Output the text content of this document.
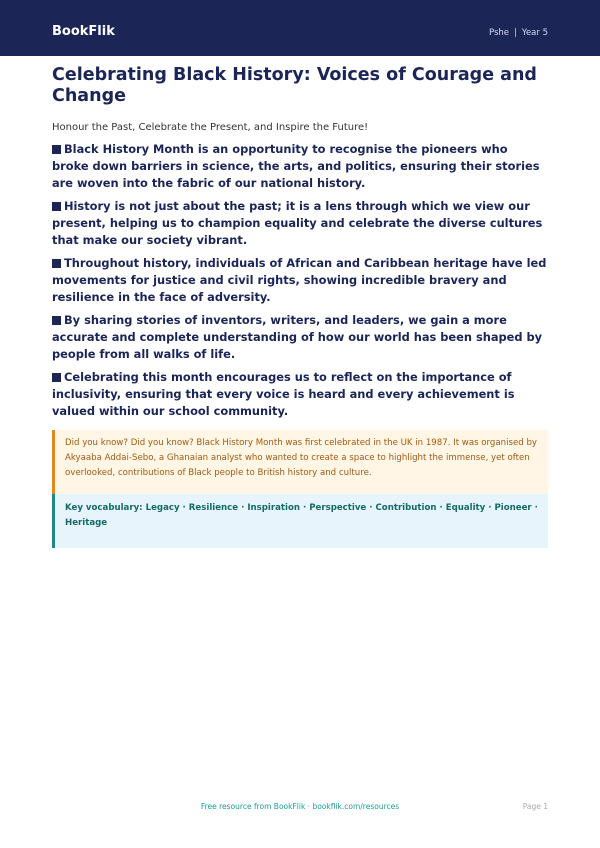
BookFlik	Pshe | Year 5
Celebrating Black History: Voices of Courage and Change
Honour the Past, Celebrate the Present, and Inspire the Future!

Black History Month is an opportunity to recognise the pioneers who broke down barriers in science, the arts, and politics, ensuring their stories are woven into the fabric of our national history.

History is not just about the past; it is a lens through which we view our present, helping us to champion equality and celebrate the diverse cultures that make our society vibrant.

Throughout history, individuals of African and Caribbean heritage have led movements for justice and civil rights, showing incredible bravery and resilience in the face of adversity.

By sharing stories of inventors, writers, and leaders, we gain a more accurate and complete understanding of how our world has been shaped by people from all walks of life.

Celebrating this month encourages us to reflect on the importance of inclusivity, ensuring that every voice is heard and every achievement is valued within our school community.

Did you know? Did you know? Black History Month was first celebrated in the UK in 1987. It was organised by Akyaaba Addai-Sebo, a Ghanaian analyst who wanted to create a space to highlight the immense, yet often overlooked, contributions of Black people to British history and culture.

Key vocabulary: Legacy · Resilience · Inspiration · Perspective · Contribution · Equality · Pioneer · Heritage

Free resource from BookFlik · bookflik.com/resources	Page 1
